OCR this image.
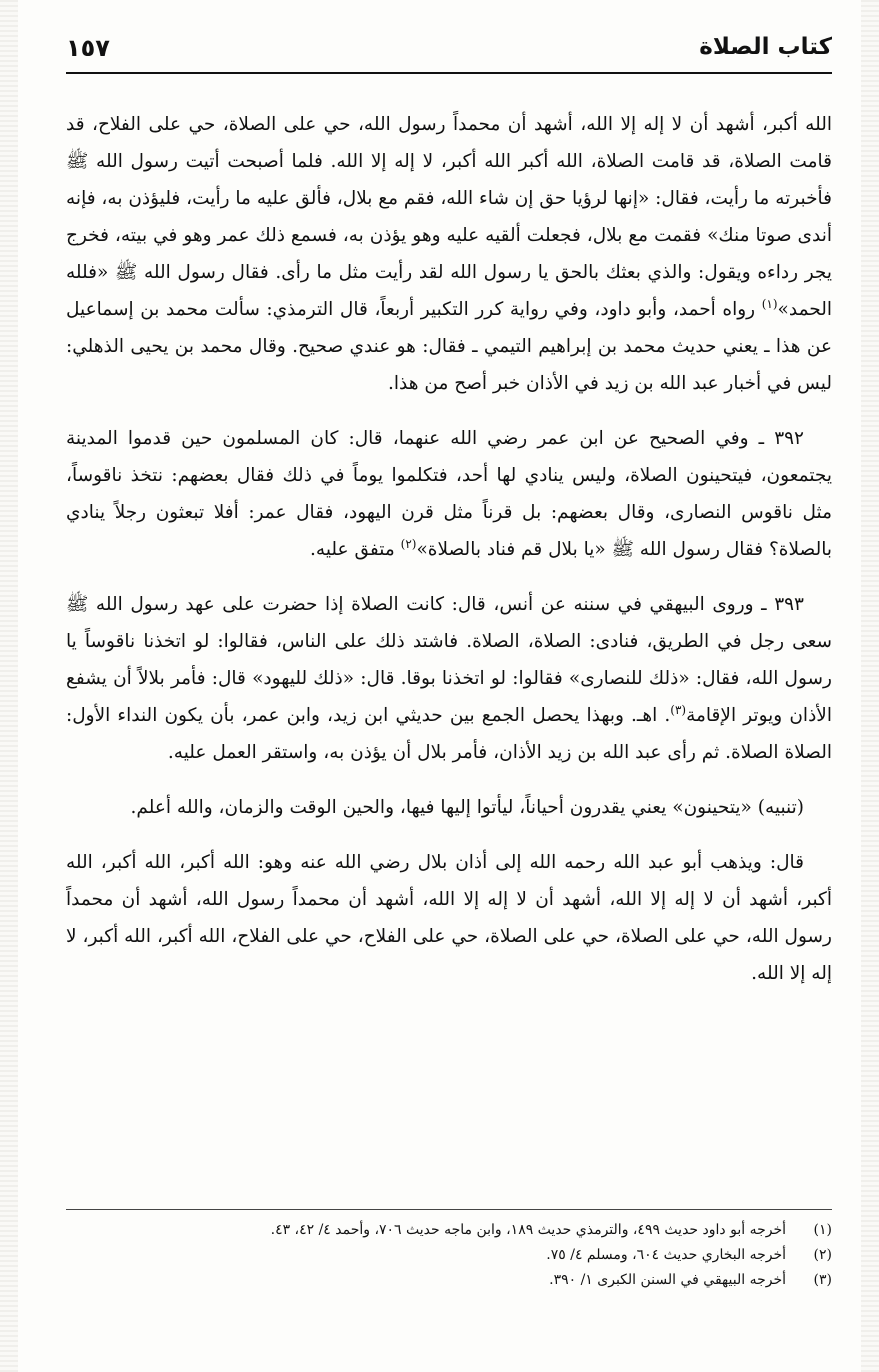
كتاب الصلاة
١٥٧

الله أكبر، أشهد أن لا إله إلا الله، أشهد أن محمداً رسول الله، حي على الصلاة، حي على الفلاح، قد قامت الصلاة، قد قامت الصلاة، الله أكبر الله أكبر، لا إله إلا الله. فلما أصبحت أتيت رسول الله ﷺ فأخبرته ما رأيت، فقال: «إنها لرؤيا حق إن شاء الله، فقم مع بلال، فألق عليه ما رأيت، فليؤذن به، فإنه أندى صوتا منك» فقمت مع بلال، فجعلت ألقيه عليه وهو يؤذن به، فسمع ذلك عمر وهو في بيته، فخرج يجر رداءه ويقول: والذي بعثك بالحق يا رسول الله لقد رأيت مثل ما رأى. فقال رسول الله ﷺ «فلله الحمد»$^{(١)}$ رواه أحمد، وأبو داود، وفي رواية كرر التكبير أربعاً، قال الترمذي: سألت محمد بن إسماعيل عن هذا ـ يعني حديث محمد بن إبراهيم التيمي ـ فقال: هو عندي صحيح. وقال محمد بن يحيى الذهلي: ليس في أخبار عبد الله بن زيد في الأذان خبر أصح من هذا.

٣٩٢ ـ وفي الصحيح عن ابن عمر رضي الله عنهما، قال: كان المسلمون حين قدموا المدينة يجتمعون، فيتحينون الصلاة، وليس ينادي لها أحد، فتكلموا يوماً في ذلك فقال بعضهم: نتخذ ناقوساً، مثل ناقوس النصارى، وقال بعضهم: بل قرناً مثل قرن اليهود، فقال عمر: أفلا تبعثون رجلاً ينادي بالصلاة؟ فقال رسول الله ﷺ «يا بلال قم فناد بالصلاة»$^{(٢)}$ متفق عليه.

٣٩٣ ـ وروى البيهقي في سننه عن أنس، قال: كانت الصلاة إذا حضرت على عهد رسول الله ﷺ سعى رجل في الطريق، فنادى: الصلاة، الصلاة. فاشتد ذلك على الناس، فقالوا: لو اتخذنا ناقوساً يا رسول الله، فقال: «ذلك للنصارى» فقالوا: لو اتخذنا بوقا. قال: «ذلك لليهود» قال: فأمر بلالاً أن يشفع الأذان ويوتر الإقامة$^{(٣)}$. اهـ. وبهذا يحصل الجمع بين حديثي ابن زيد، وابن عمر، بأن يكون النداء الأول: الصلاة الصلاة. ثم رأى عبد الله بن زيد الأذان، فأمر بلال أن يؤذن به، واستقر العمل عليه.

(تنبيه) «يتحينون» يعني يقدرون أحياناً، ليأتوا إليها فيها، والحين الوقت والزمان، والله أعلم.

قال: ويذهب أبو عبد الله رحمه الله إلى أذان بلال رضي الله عنه وهو: الله أكبر، الله أكبر، الله أكبر، أشهد أن لا إله إلا الله، أشهد أن لا إله إلا الله، أشهد أن محمداً رسول الله، أشهد أن محمداً رسول الله، حي على الصلاة، حي على الصلاة، حي على الفلاح، حي على الفلاح، الله أكبر، الله أكبر، لا إله إلا الله.

(١)
أخرجه أبو داود حديث ٤٩٩، والترمذي حديث ١٨٩، وابن ماجه حديث ٧٠٦، وأحمد ٤/ ٤٢، ٤٣.
(٢)
أخرجه البخاري حديث ٦٠٤، ومسلم ٤/ ٧٥.
(٣)
أخرجه البيهقي في السنن الكبرى ١/ ٣٩٠.
